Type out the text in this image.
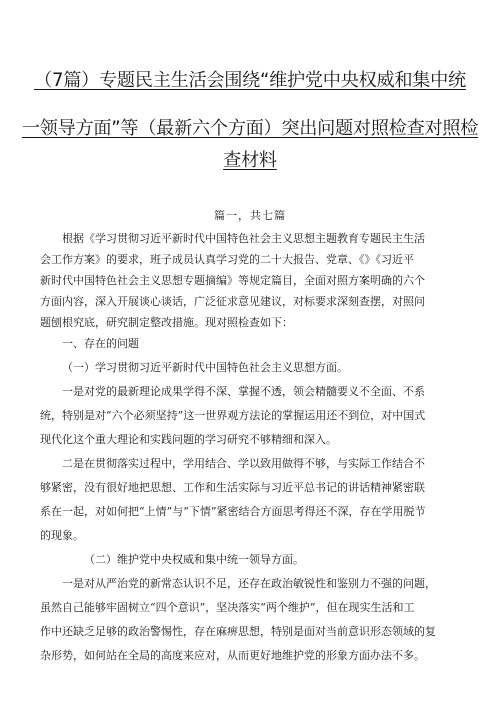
（7篇）专题民主生活会围绕“维护党中央权威和集中统
一领导方面”等（最新六个方面）突出问题对照检查对照检
查材料
篇一，共七篇
根据《学习贯彻习近平新时代中国特色社会主义思想主题教育专题民主生活
会工作方案》的要求，班子成员认真学习党的二十大报告、党章、《》《习近平
新时代中国特色社会主义思想专题摘编》等规定篇目，全面对照方案明确的六个
方面内容，深入开展谈心谈话，广泛征求意见建议，对标要求深刻查摆，对照问
题刨根究底，研究制定整改措施。现对照检查如下：
一、存在的问题
（一）学习贯彻习近平新时代中国特色社会主义思想方面。
一是对党的最新理论成果学得不深、掌握不透，领会精髓要义不全面、不系
统，特别是对“六个必须坚持”这一世界观方法论的掌握运用还不到位，对中国式
现代化这个重大理论和实践问题的学习研究不够精细和深入。
二是在贯彻落实过程中，学用结合、学以致用做得不够，与实际工作结合不
够紧密，没有很好地把思想、工作和生活实际与习近平总书记的讲话精神紧密联
系在一起，对如何把“上情”与“下情”紧密结合方面思考得还不深，存在学用脱节
的现象。
（二）维护党中央权威和集中统一领导方面。
一是对从严治党的新常态认识不足，还存在政治敏锐性和鉴别力不强的问题，
虽然自己能够牢固树立“四个意识”，坚决落实“两个维护”，但在现实生活和工
作中还缺乏足够的政治警惕性，存在麻痹思想，特别是面对当前意识形态领域的复
杂形势，如何站在全局的高度来应对，从而更好地维护党的形象方面办法不多。
